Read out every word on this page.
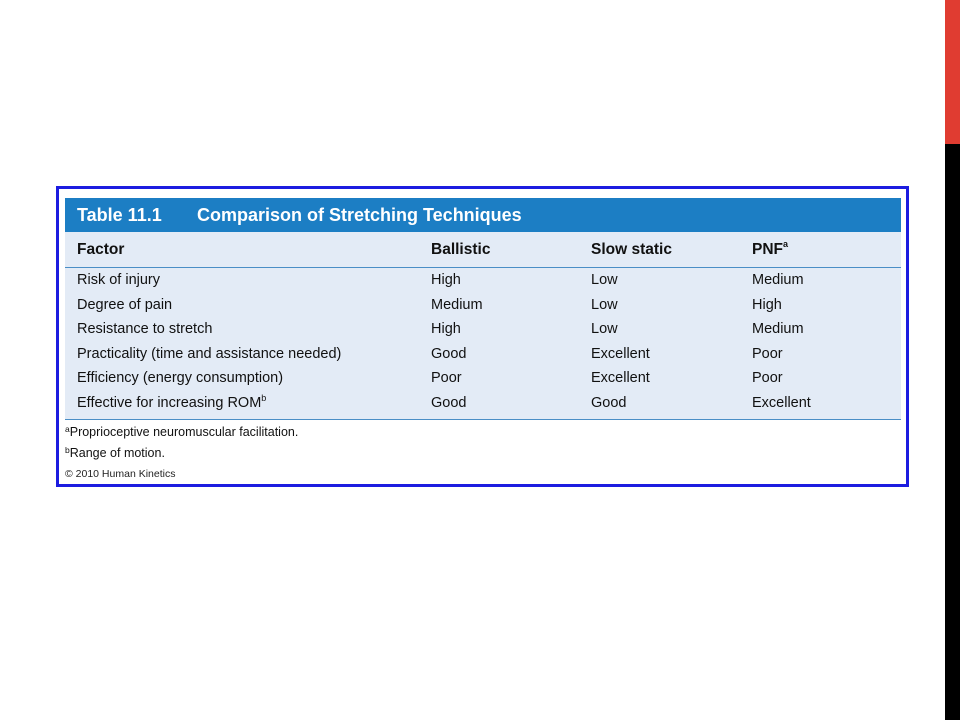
Table 11.1	Comparison of Stretching Techniques
Factor	Ballistic	Slow static	PNF$^a$
Risk of injury	High	Low	Medium
Degree of pain	Medium	Low	High
Resistance to stretch	High	Low	Medium
Practicality (time and assistance needed)	Good	Excellent	Poor
Efficiency (energy consumption)	Poor	Excellent	Poor
Effective for increasing ROM$^b$	Good	Good	Excellent
$^a$Proprioceptive neuromuscular facilitation.
$^b$Range of motion.
© 2010 Human Kinetics
